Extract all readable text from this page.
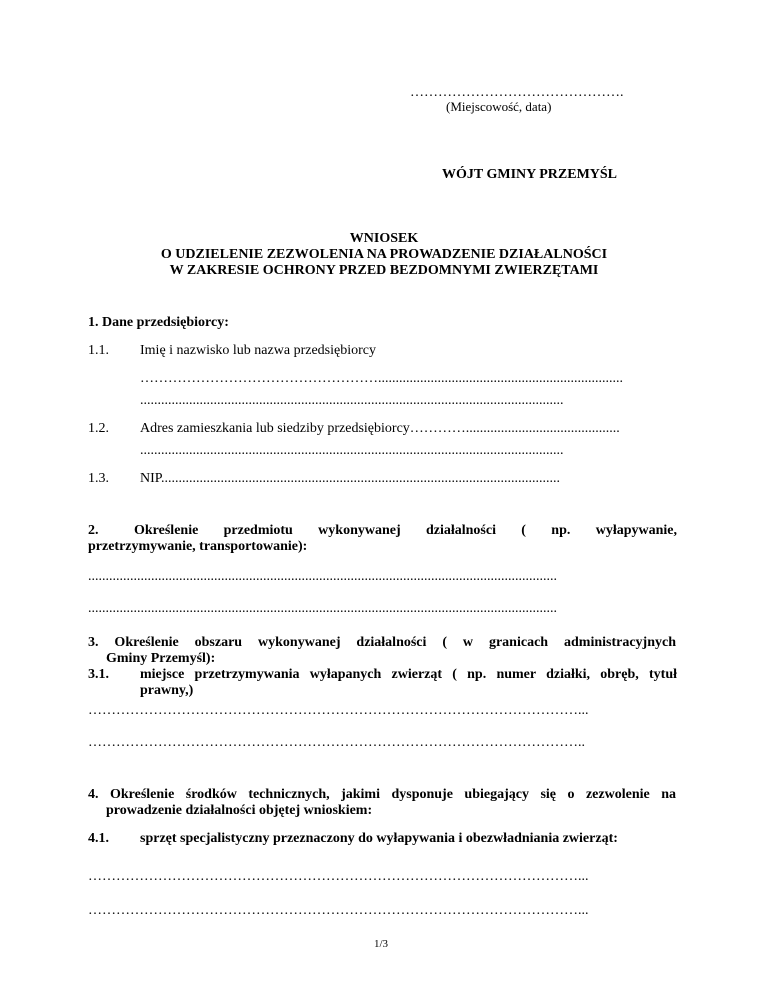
……………………………………….
(Miejscowość, data)
WÓJT GMINY PRZEMYŚL
WNIOSEK
O UDZIELENIE ZEZWOLENIA NA PROWADZENIE DZIAŁALNOŚCI
W ZAKRESIE OCHRONY PRZED BEZDOMNYMI ZWIERZĘTAMI
1. Dane przedsiębiorcy:
1.1. Imię i nazwisko lub nazwa przedsiębiorcy
……………………………………………......................................................................
.........................................................................................................................
1.2. Adres zamieszkania lub siedziby przedsiębiorcy…………............................................
.........................................................................................................................
1.3. NIP..................................................................................................................
2.	Określenie przedmiotu wykonywanej działalności ( np. wyłapywanie,
przetrzymywanie, transportowanie):
......................................................................................................................................
......................................................................................................................................
3. Określenie obszaru wykonywanej działalności ( w granicach administracyjnych
Gminy Przemyśl):
3.1. miejsce przetrzymywania wyłapanych zwierząt ( np. numer działki, obręb, tytuł
prawny,)
……………………………………………………………………………………………...
……………………………………………………………………………………………..
4. Określenie środków technicznych, jakimi dysponuje ubiegający się o zezwolenie na
prowadzenie działalności objętej wnioskiem:
4.1. sprzęt specjalistyczny przeznaczony do wyłapywania i obezwładniania zwierząt:
……………………………………………………………………………………………...
……………………………………………………………………………………………...
1/3
